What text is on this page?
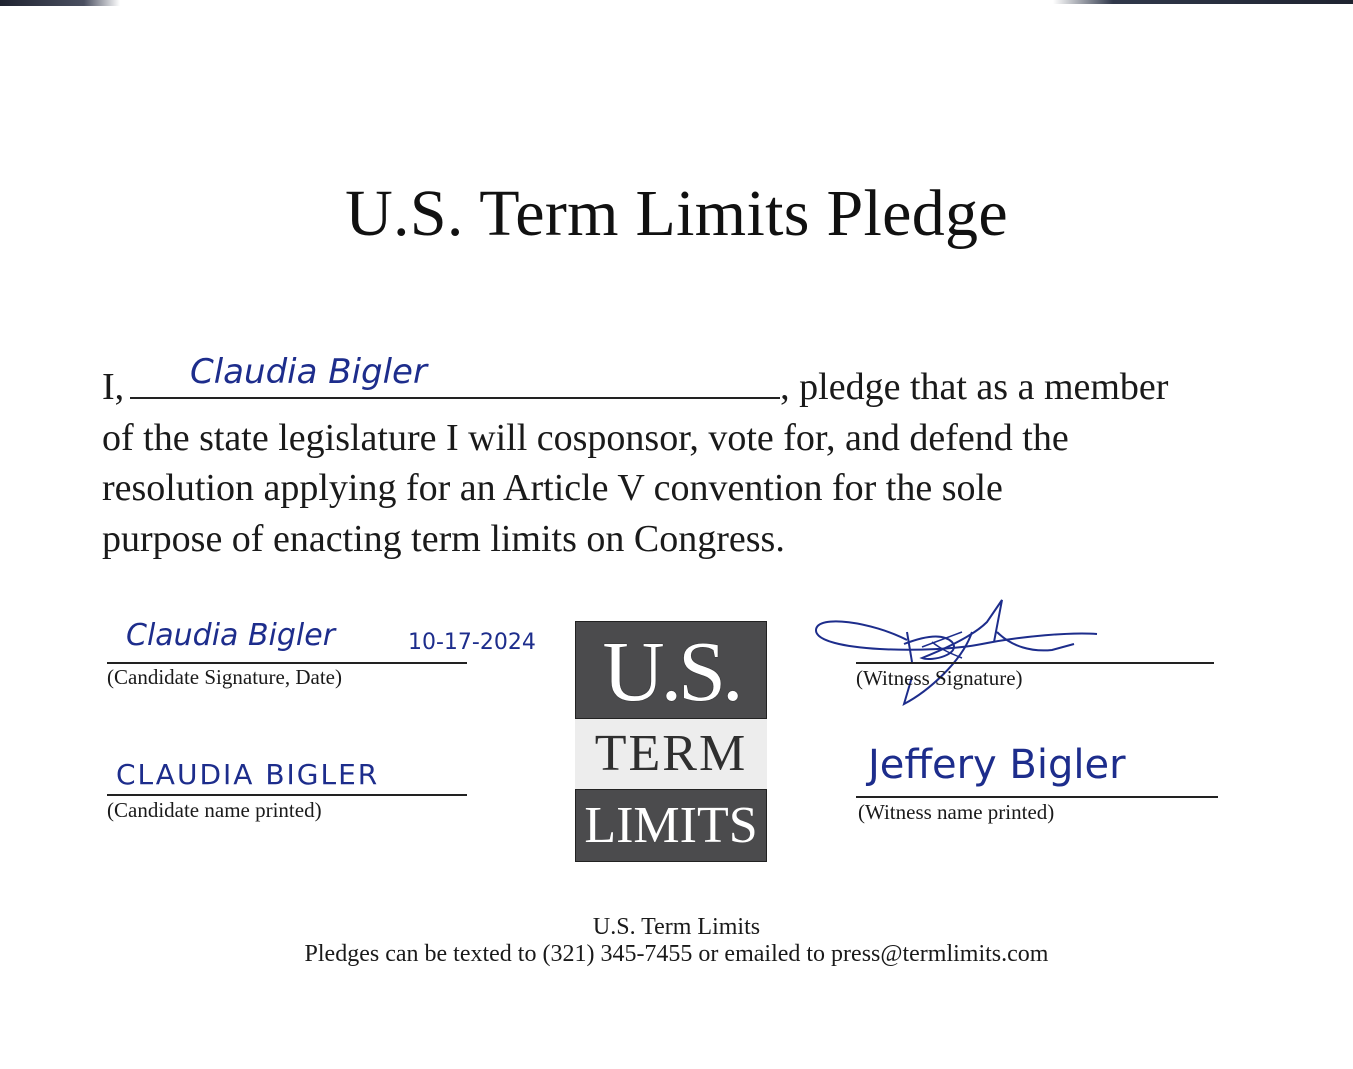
U.S. Term Limits Pledge
I,	, pledge that as a member
of the state legislature I will cosponsor, vote for, and defend the
resolution applying for an Article V convention for the sole
purpose of enacting term limits on Congress.
Claudia Bigler
Claudia Bigler	10-17-2024
(Candidate Signature, Date)
CLAUDIA BIGLER
(Candidate name printed)
U.S.
TERM
LIMITS
(Witness Signature)
Jeffery Bigler
(Witness name printed)
U.S. Term Limits
Pledges can be texted to (321) 345-7455 or emailed to press@termlimits.com
